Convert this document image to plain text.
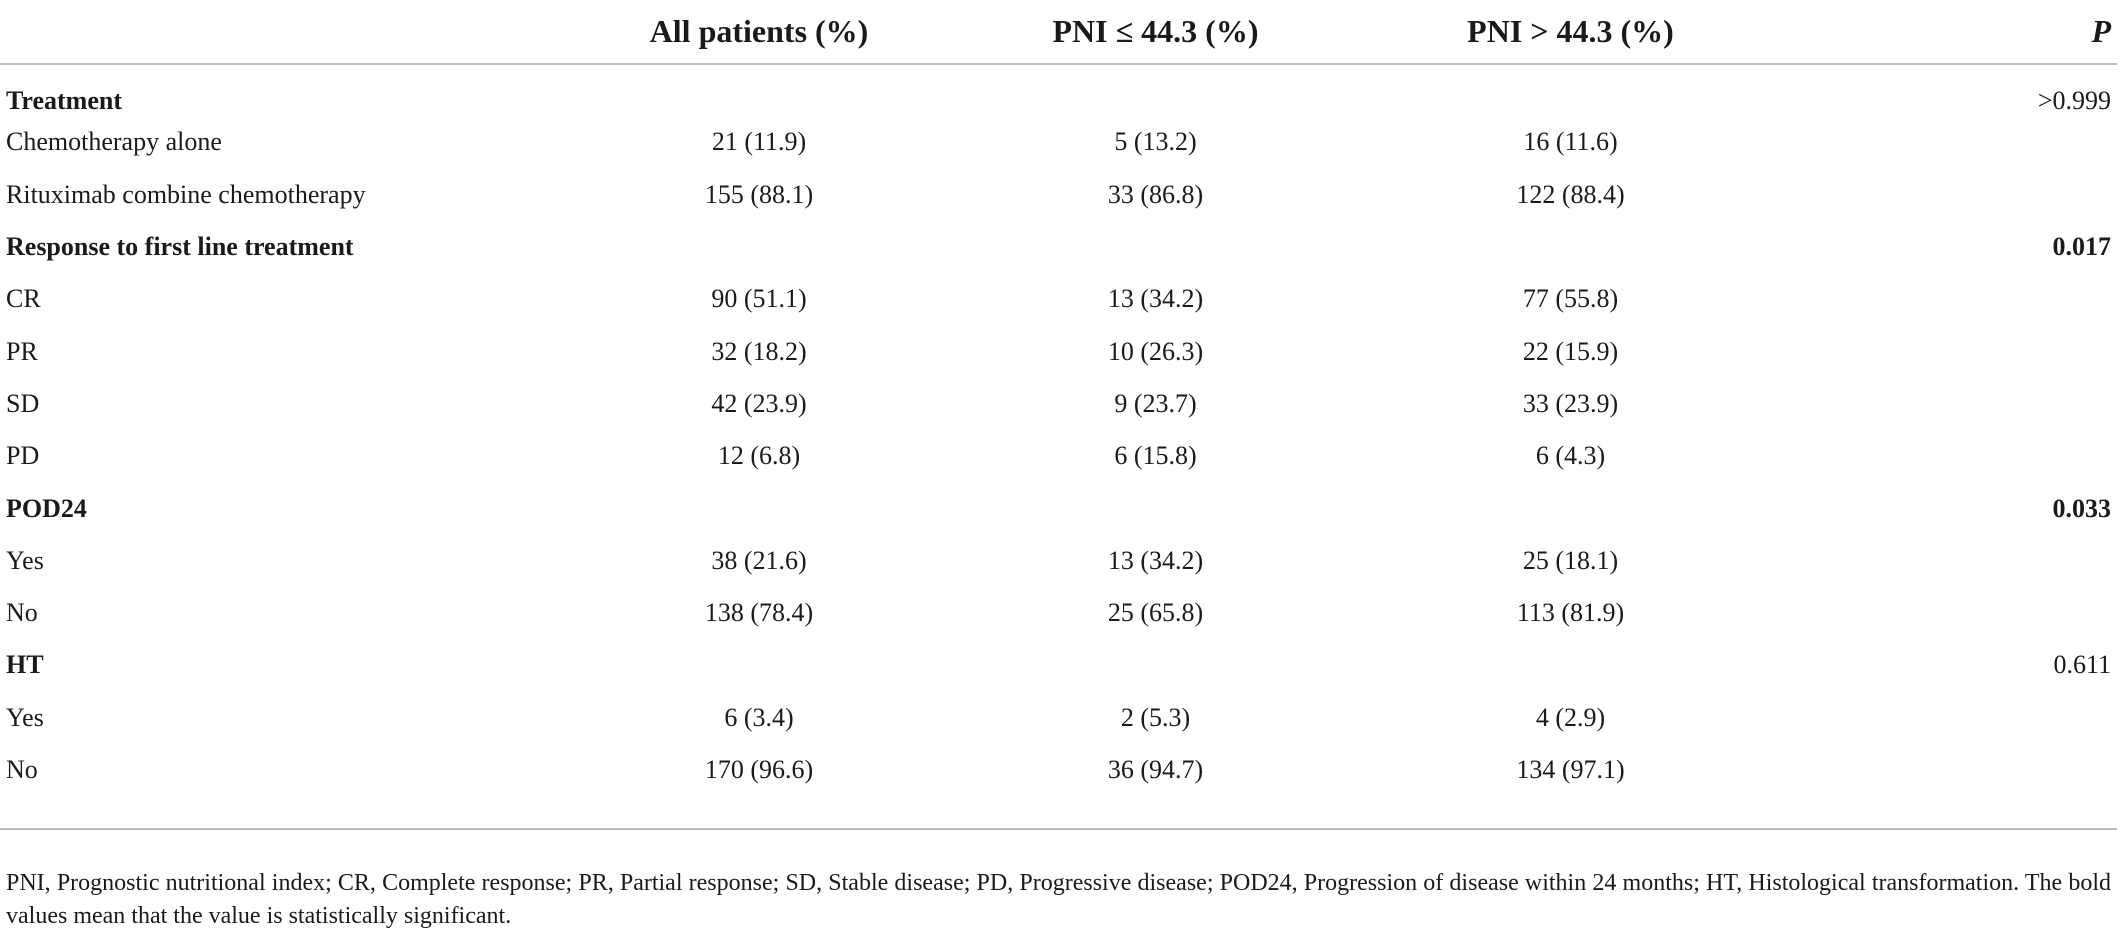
	All patients (%)	PNI ≤ 44.3 (%)	PNI > 44.3 (%)	P
Treatment				>0.999
Chemotherapy alone	21 (11.9)	5 (13.2)	16 (11.6)	
Rituximab combine chemotherapy	155 (88.1)	33 (86.8)	122 (88.4)	
Response to first line treatment				0.017
CR	90 (51.1)	13 (34.2)	77 (55.8)	
PR	32 (18.2)	10 (26.3)	22 (15.9)	
SD	42 (23.9)	9 (23.7)	33 (23.9)	
PD	12 (6.8)	6 (15.8)	6 (4.3)	
POD24				0.033
Yes	38 (21.6)	13 (34.2)	25 (18.1)	
No	138 (78.4)	25 (65.8)	113 (81.9)	
HT				0.611
Yes	6 (3.4)	2 (5.3)	4 (2.9)	
No	170 (96.6)	36 (94.7)	134 (97.1)	

PNI, Prognostic nutritional index; CR, Complete response; PR, Partial response; SD, Stable disease; PD, Progressive disease; POD24, Progression of disease within 24 months; HT, Histological transformation. The bold values mean that the value is statistically significant.
